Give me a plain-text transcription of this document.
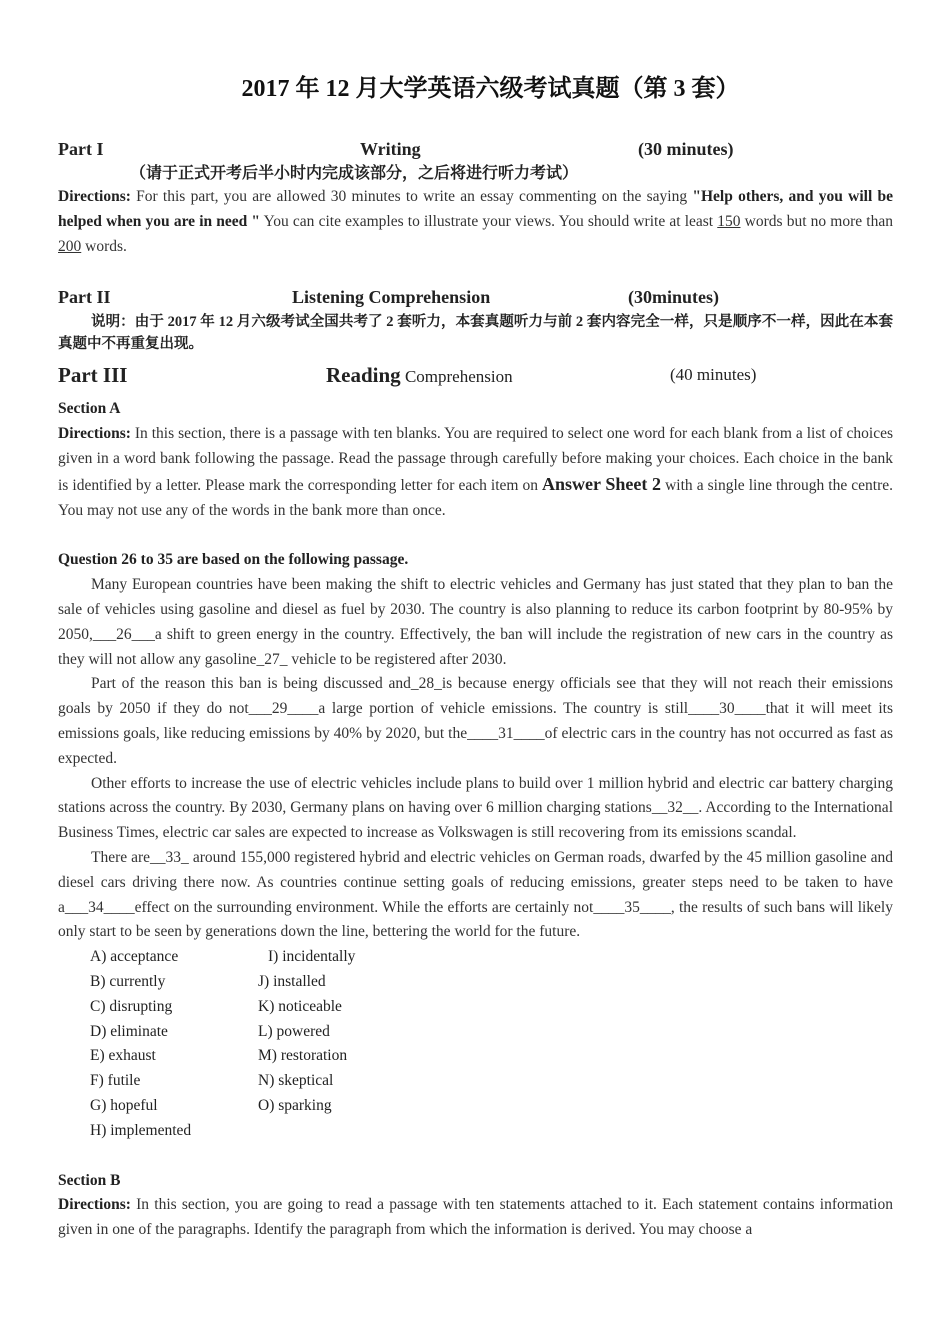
2017 年 12 月大学英语六级考试真题（第 3 套）
Part I	Writing	(30 minutes)
（请于正式开考后半小时内完成该部分，之后将进行听力考试）

Directions: For this part, you are allowed 30 minutes to write an essay commenting on the saying "Help others, and you will be helped when you are in need " You can cite examples to illustrate your views. You should write at least 150 words but no more than 200 words.

Part II	Listening Comprehension	(30minutes)
说明：由于 2017 年 12 月六级考试全国共考了 2 套听力，本套真题听力与前 2 套内容完全一样，只是顺序不一样，因此在本套真题中不再重复出现。
Part III	Reading Comprehension	(40 minutes)
Section A

Directions: In this section, there is a passage with ten blanks. You are required to select one word for each blank from a list of choices given in a word bank following the passage. Read the passage through carefully before making your choices. Each choice in the bank is identified by a letter. Please mark the corresponding letter for each item on Answer Sheet 2 with a single line through the centre. You may not use any of the words in the bank more than once.

Question 26 to 35 are based on the following passage.

Many European countries have been making the shift to electric vehicles and Germany has just stated that they plan to ban the sale of vehicles using gasoline and diesel as fuel by 2030. The country is also planning to reduce its carbon footprint by 80-95% by 2050,___26___a shift to green energy in the country. Effectively, the ban will include the registration of new cars in the country as they will not allow any gasoline_27_ vehicle to be registered after 2030.

Part of the reason this ban is being discussed and_28_is because energy officials see that they will not reach their emissions goals by 2050 if they do not___29____a large portion of vehicle emissions. The country is still____30____that it will meet its emissions goals, like reducing emissions by 40% by 2020, but the____31____of electric cars in the country has not occurred as fast as expected.

Other efforts to increase the use of electric vehicles include plans to build over 1 million hybrid and electric car battery charging stations across the country. By 2030, Germany plans on having over 6 million charging stations__32__. According to the International Business Times, electric car sales are expected to increase as Volkswagen is still recovering from its emissions scandal.

There are__33_ around 155,000 registered hybrid and electric vehicles on German roads, dwarfed by the 45 million gasoline and diesel cars driving there now. As countries continue setting goals of reducing emissions, greater steps need to be taken to have a___34____effect on the surrounding environment. While the efforts are certainly not____35____, the results of such bans will likely only start to be seen by generations down the line, bettering the world for the future.

A) acceptance	I) incidentally
B) currently	J) installed
C) disrupting	K) noticeable
D) eliminate	L) powered
E) exhaust	M) restoration
F) futile	N) skeptical
G) hopeful	O) sparking
H) implemented
Section B

Directions: In this section, you are going to read a passage with ten statements attached to it. Each statement contains information given in one of the paragraphs. Identify the paragraph from which the information is derived. You may choose a
